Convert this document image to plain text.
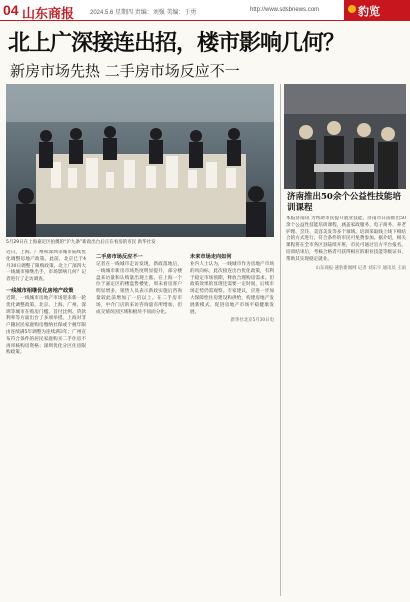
04 山东商报	2024.5.6 星期四 责编：刘强 美编：于勇	http://www.sdsbnews.com	豹览
北上广深接连出招，楼市影响几何？
新房市场先热 二手房市场反应不一
5月29日在上海嘉定区拍摄的“沪九条”新政出台后正在看房的市民 新华社发

近日，上海、广州和深圳等城市陆续优化调整房地产政策。此前，北京已于4月30日调整了限购政策。北上广深四大一线城市相继出手，市场影响几何？记者进行了走访调查。

一线城市相继优化房地产政策

近期，一线城市房地产市场迎来新一轮优化调整政策。北京、上海、广州、深圳等城市在购房门槛、首付比例、贷款利率等方面出台了多项举措。上海对非户籍居民家庭购房缴纳社保或个税年限由连续满5年调整为连续满3年；广州宣布符合条件的居民家庭购买二手住房不再审核购房资格；深圳优化分区住房限购政策。

二手房市场反应不一

记者在一线城市走访发现，新政落地后，一线城市新房市场热度明显提升，部分楼盘来访量和认购量出现上涨。在上海一个位于嘉定区的楼盘售楼处，周末看房客户明显增多，销售人员表示新政实施后咨询量较此前增加了一倍以上。在二手房市场，中介门店的来访咨询量有所增加，但成交情况因区域和板块不同而分化。

未来市场走向如何

业内人士认为，一线城市作为房地产市场的风向标，此次接连出台优化政策，有利于稳定市场预期，释放合理购房需求。但政策效果的显现还需要一定时间，后续市场走势仍需观察。专家建议，应进一步加大保障性住房建设和供给，构建房地产发展新模式，促进房地产市场平稳健康发展。

新华社北京5月30日电
济南推出50余个公益性技能培训课程

本报济南讯 为帮助市民提升就业技能，济南市日前推出50余个公益性技能培训课程，涵盖家政服务、电子商务、养老护理、烹饪、美容美发等多个领域。培训采取线上线下相结合的方式进行，符合条件的市民可免费参加。据介绍，相关课程将在全市各区县陆续开班，市民可通过官方平台报名。培训结束后，考核合格者可获得相应的职业技能等级证书，帮助其实现稳定就业。

山东商报·速豹新闻网 记者 刘东宇 通讯员 王雨
